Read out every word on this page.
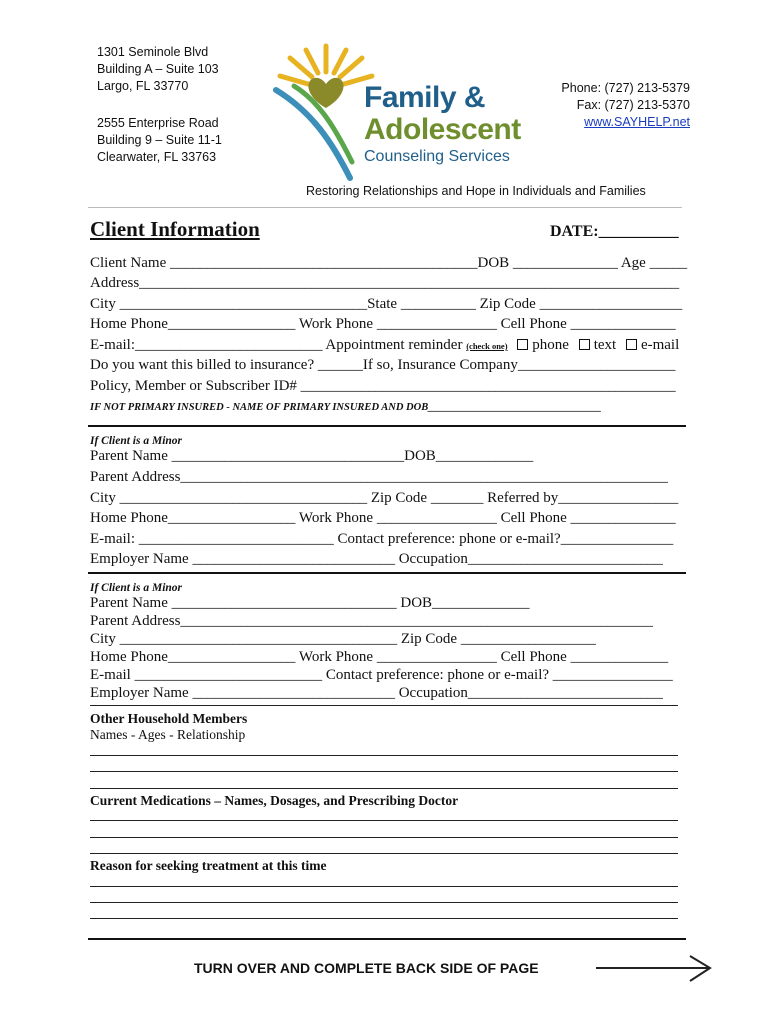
1301 Seminole Blvd
Building A – Suite 103
Largo, FL 33770
2555 Enterprise Road
Building 9 – Suite 11-1
Clearwater, FL 33763
Family &
Adolescent
Counseling Services
Phone: (727) 213-5379
Fax: (727) 213-5370
www.SAYHELP.net
Restoring Relationships and Hope in Individuals and Families
Client Information	DATE:__________
Client Name _________________________________________DOB ______________ Age _____
Address________________________________________________________________________
City _________________________________State __________ Zip Code ___________________
Home Phone_________________ Work Phone ________________ Cell Phone ______________
E-mail:_________________________ Appointment reminder (check one) phone text e-mail
Do you want this billed to insurance? ______If so, Insurance Company_____________________
Policy, Member or Subscriber ID# __________________________________________________
IF NOT PRIMARY INSURED - NAME OF PRIMARY INSURED AND DOB_________________________________
If Client is a Minor
Parent Name _______________________________DOB_____________
Parent Address_________________________________________________________________
City _________________________________ Zip Code _______ Referred by________________
Home Phone_________________ Work Phone ________________ Cell Phone ______________
E-mail: __________________________ Contact preference: phone or e-mail?_______________
Employer Name ___________________________ Occupation__________________________
If Client is a Minor
Parent Name ______________________________ DOB_____________
Parent Address_______________________________________________________________
City _____________________________________ Zip Code __________________
Home Phone_________________ Work Phone ________________ Cell Phone _____________
E-mail _________________________ Contact preference: phone or e-mail? ________________
Employer Name ___________________________ Occupation__________________________
Other Household Members
Names - Ages - Relationship
Current Medications – Names, Dosages, and Prescribing Doctor
Reason for seeking treatment at this time
TURN OVER AND COMPLETE BACK SIDE OF PAGE
